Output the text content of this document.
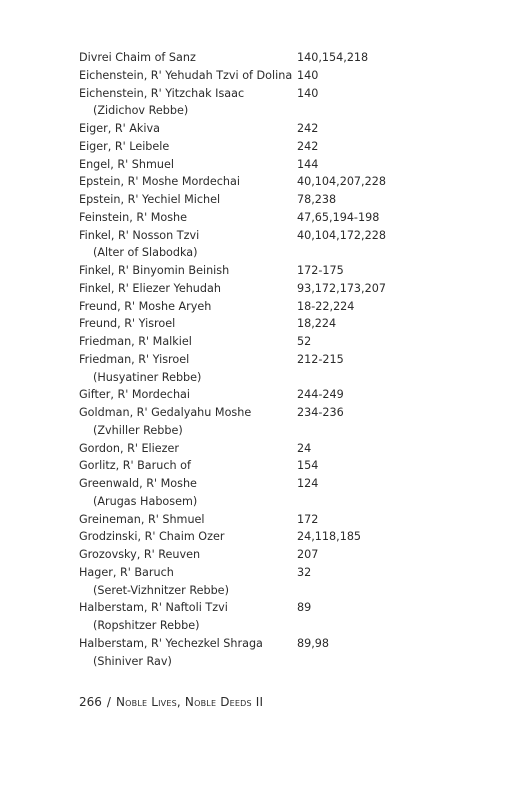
Divrei Chaim of Sanz	140,154,218
Eichenstein, R' Yehudah Tzvi of Dolina 140
Eichenstein, R' Yitzchak Isaac	140
(Zidichov Rebbe)
Eiger, R' Akiva	242
Eiger, R' Leibele	242
Engel, R' Shmuel	144
Epstein, R' Moshe Mordechai	40,104,207,228
Epstein, R' Yechiel Michel	78,238
Feinstein, R' Moshe	47,65,194-198
Finkel, R' Nosson Tzvi	40,104,172,228
(Alter of Slabodka)
Finkel, R' Binyomin Beinish	172-175
Finkel, R' Eliezer Yehudah	93,172,173,207
Freund, R' Moshe Aryeh	18-22,224
Freund, R' Yisroel	18,224
Friedman, R' Malkiel	52
Friedman, R' Yisroel	212-215
(Husyatiner Rebbe)
Gifter, R' Mordechai	244-249
Goldman, R' Gedalyahu Moshe	234-236
(Zvhiller Rebbe)
Gordon, R' Eliezer	24
Gorlitz, R' Baruch of	154
Greenwald, R' Moshe	124
(Arugas Habosem)
Greineman, R' Shmuel	172
Grodzinski, R' Chaim Ozer	24,118,185
Grozovsky, R' Reuven	207
Hager, R' Baruch	32
(Seret-Vizhnitzer Rebbe)
Halberstam, R' Naftoli Tzvi	89
(Ropshitzer Rebbe)
Halberstam, R' Yechezkel Shraga	89,98
(Shiniver Rav)
266 / Noble Lives, Noble Deeds II
